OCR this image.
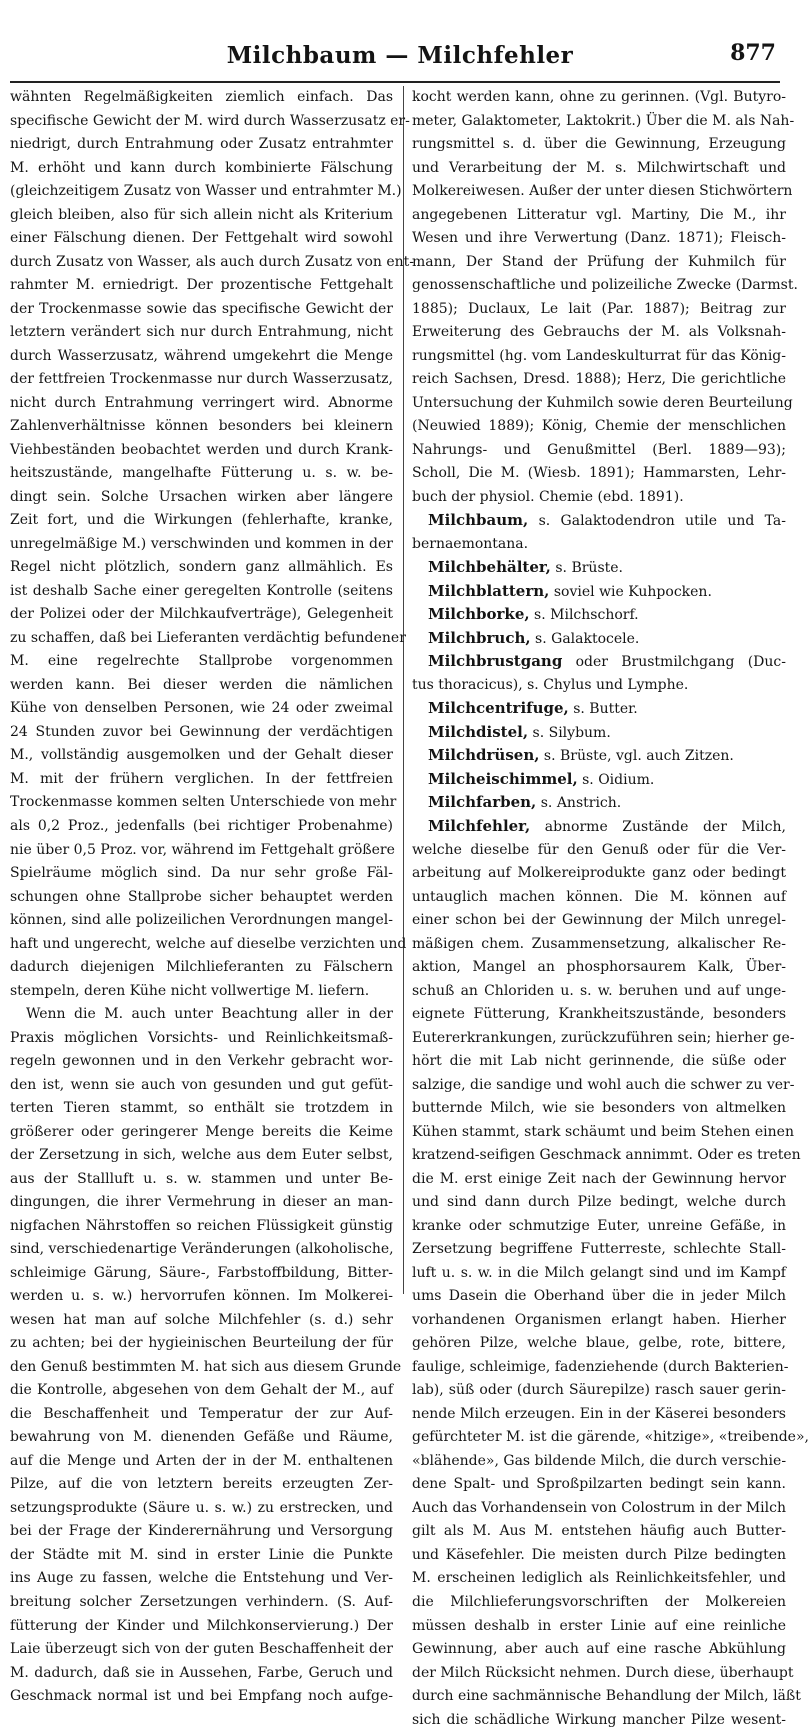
Milchbaum — Milchfehler	877
wähnten Regelmäßigkeiten ziemlich einfach. Das
specifische Gewicht der M. wird durch Wasserzusatz er-
niedrigt, durch Entrahmung oder Zusatz entrahmter
M. erhöht und kann durch kombinierte Fälschung
(gleichzeitigem Zusatz von Wasser und entrahmter M.)
gleich bleiben, also für sich allein nicht als Kriterium
einer Fälschung dienen. Der Fettgehalt wird sowohl
durch Zusatz von Wasser, als auch durch Zusatz von ent-
rahmter M. erniedrigt. Der prozentische Fettgehalt
der Trockenmasse sowie das specifische Gewicht der
letztern verändert sich nur durch Entrahmung, nicht
durch Wasserzusatz, während umgekehrt die Menge
der fettfreien Trockenmasse nur durch Wasserzusatz,
nicht durch Entrahmung verringert wird. Abnorme
Zahlenverhältnisse können besonders bei kleinern
Viehbeständen beobachtet werden und durch Krank-
heitszustände, mangelhafte Fütterung u. s. w. be-
dingt sein. Solche Ursachen wirken aber längere
Zeit fort, und die Wirkungen (fehlerhafte, kranke,
unregelmäßige M.) verschwinden und kommen in der
Regel nicht plötzlich, sondern ganz allmählich. Es
ist deshalb Sache einer geregelten Kontrolle (seitens
der Polizei oder der Milchkaufverträge), Gelegenheit
zu schaffen, daß bei Lieferanten verdächtig befundener
M. eine regelrechte Stallprobe vorgenommen
werden kann. Bei dieser werden die nämlichen
Kühe von denselben Personen, wie 24 oder zweimal
24 Stunden zuvor bei Gewinnung der verdächtigen
M., vollständig ausgemolken und der Gehalt dieser
M. mit der frühern verglichen. In der fettfreien
Trockenmasse kommen selten Unterschiede von mehr
als 0,2 Proz., jedenfalls (bei richtiger Probenahme)
nie über 0,5 Proz. vor, während im Fettgehalt größere
Spielräume möglich sind. Da nur sehr große Fäl-
schungen ohne Stallprobe sicher behauptet werden
können, sind alle polizeilichen Verordnungen mangel-
haft und ungerecht, welche auf dieselbe verzichten und
dadurch diejenigen Milchlieferanten zu Fälschern
stempeln, deren Kühe nicht vollwertige M. liefern.
Wenn die M. auch unter Beachtung aller in der
Praxis möglichen Vorsichts- und Reinlichkeitsmaß-
regeln gewonnen und in den Verkehr gebracht wor-
den ist, wenn sie auch von gesunden und gut gefüt-
terten Tieren stammt, so enthält sie trotzdem in
größerer oder geringerer Menge bereits die Keime
der Zersetzung in sich, welche aus dem Euter selbst,
aus der Stallluft u. s. w. stammen und unter Be-
dingungen, die ihrer Vermehrung in dieser an man-
nigfachen Nährstoffen so reichen Flüssigkeit günstig
sind, verschiedenartige Veränderungen (alkoholische,
schleimige Gärung, Säure-, Farbstoffbildung, Bitter-
werden u. s. w.) hervorrufen können. Im Molkerei-
wesen hat man auf solche Milchfehler (s. d.) sehr
zu achten; bei der hygieinischen Beurteilung der für
den Genuß bestimmten M. hat sich aus diesem Grunde
die Kontrolle, abgesehen von dem Gehalt der M., auf
die Beschaffenheit und Temperatur der zur Auf-
bewahrung von M. dienenden Gefäße und Räume,
auf die Menge und Arten der in der M. enthaltenen
Pilze, auf die von letztern bereits erzeugten Zer-
setzungsprodukte (Säure u. s. w.) zu erstrecken, und
bei der Frage der Kinderernährung und Versorgung
der Städte mit M. sind in erster Linie die Punkte
ins Auge zu fassen, welche die Entstehung und Ver-
breitung solcher Zersetzungen verhindern. (S. Auf-
fütterung der Kinder und Milchkonservierung.) Der
Laie überzeugt sich von der guten Beschaffenheit der
M. dadurch, daß sie in Aussehen, Farbe, Geruch und
Geschmack normal ist und bei Empfang noch aufge-
kocht werden kann, ohne zu gerinnen. (Vgl. Butyro-
meter, Galaktometer, Laktokrit.) Über die M. als Nah-
rungsmittel s. d. über die Gewinnung, Erzeugung
und Verarbeitung der M. s. Milchwirtschaft und
Molkereiwesen. Außer der unter diesen Stichwörtern
angegebenen Litteratur vgl. Martiny, Die M., ihr
Wesen und ihre Verwertung (Danz. 1871); Fleisch-
mann, Der Stand der Prüfung der Kuhmilch für
genossenschaftliche und polizeiliche Zwecke (Darmst.
1885); Duclaux, Le lait (Par. 1887); Beitrag zur
Erweiterung des Gebrauchs der M. als Volksnah-
rungsmittel (hg. vom Landeskulturrat für das König-
reich Sachsen, Dresd. 1888); Herz, Die gerichtliche
Untersuchung der Kuhmilch sowie deren Beurteilung
(Neuwied 1889); König, Chemie der menschlichen
Nahrungs- und Genußmittel (Berl. 1889—93);
Scholl, Die M. (Wiesb. 1891); Hammarsten, Lehr-
buch der physiol. Chemie (ebd. 1891).
Milchbaum, s. Galaktodendron utile und Ta-
bernaemontana.
Milchbehälter, s. Brüste.
Milchblattern, soviel wie Kuhpocken.
Milchborke, s. Milchschorf.
Milchbruch, s. Galaktocele.
Milchbrustgang oder Brustmilchgang (Duc-
tus thoracicus), s. Chylus und Lymphe.
Milchcentrifuge, s. Butter.
Milchdistel, s. Silybum.
Milchdrüsen, s. Brüste, vgl. auch Zitzen.
Milcheischimmel, s. Oidium.
Milchfarben, s. Anstrich.
Milchfehler, abnorme Zustände der Milch,
welche dieselbe für den Genuß oder für die Ver-
arbeitung auf Molkereiprodukte ganz oder bedingt
untauglich machen können. Die M. können auf
einer schon bei der Gewinnung der Milch unregel-
mäßigen chem. Zusammensetzung, alkalischer Re-
aktion, Mangel an phosphorsaurem Kalk, Über-
schuß an Chloriden u. s. w. beruhen und auf unge-
eignete Fütterung, Krankheitszustände, besonders
Eutererkrankungen, zurückzuführen sein; hierher ge-
hört die mit Lab nicht gerinnende, die süße oder
salzige, die sandige und wohl auch die schwer zu ver-
butternde Milch, wie sie besonders von altmelken
Kühen stammt, stark schäumt und beim Stehen einen
kratzend-seifigen Geschmack annimmt. Oder es treten
die M. erst einige Zeit nach der Gewinnung hervor
und sind dann durch Pilze bedingt, welche durch
kranke oder schmutzige Euter, unreine Gefäße, in
Zersetzung begriffene Futterreste, schlechte Stall-
luft u. s. w. in die Milch gelangt sind und im Kampf
ums Dasein die Oberhand über die in jeder Milch
vorhandenen Organismen erlangt haben. Hierher
gehören Pilze, welche blaue, gelbe, rote, bittere,
faulige, schleimige, fadenziehende (durch Bakterien-
lab), süß oder (durch Säurepilze) rasch sauer gerin-
nende Milch erzeugen. Ein in der Käserei besonders
gefürchteter M. ist die gärende, «hitzige», «treibende»,
«blähende», Gas bildende Milch, die durch verschie-
dene Spalt- und Sproßpilzarten bedingt sein kann.
Auch das Vorhandensein von Colostrum in der Milch
gilt als M. Aus M. entstehen häufig auch Butter-
und Käsefehler. Die meisten durch Pilze bedingten
M. erscheinen lediglich als Reinlichkeitsfehler, und
die Milchlieferungsvorschriften der Molkereien
müssen deshalb in erster Linie auf eine reinliche
Gewinnung, aber auch auf eine rasche Abkühlung
der Milch Rücksicht nehmen. Durch diese, überhaupt
durch eine sachmännische Behandlung der Milch, läßt
sich die schädliche Wirkung mancher Pilze wesent-
